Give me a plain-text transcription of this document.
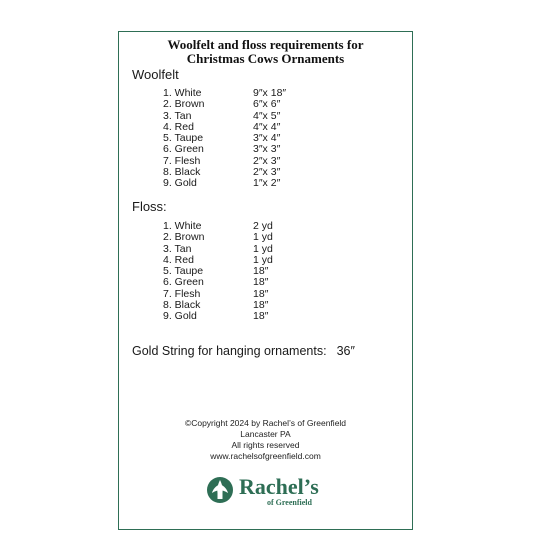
Woolfelt and floss requirements for
Christmas Cows Ornaments
Woolfelt
1. White	9″x 18″
2. Brown	6″x 6″
3. Tan	4″x 5″
4. Red	4″x 4″
5. Taupe	3″x 4″
6. Green	3″x 3″
7. Flesh	2″x 3″
8. Black	2″x 3″
9. Gold	1″x 2″
Floss:
1. White	2 yd
2. Brown	1 yd
3. Tan	1 yd
4. Red	1 yd
5. Taupe	18″
6. Green	18″
7. Flesh	18″
8. Black	18″
9. Gold	18″
Gold String for hanging ornaments: 36″
©Copyright 2024 by Rachel’s of Greenfield
Lancaster PA
All rights reserved
www.rachelsofgreenfield.com
Rachel’s
of Greenfield
